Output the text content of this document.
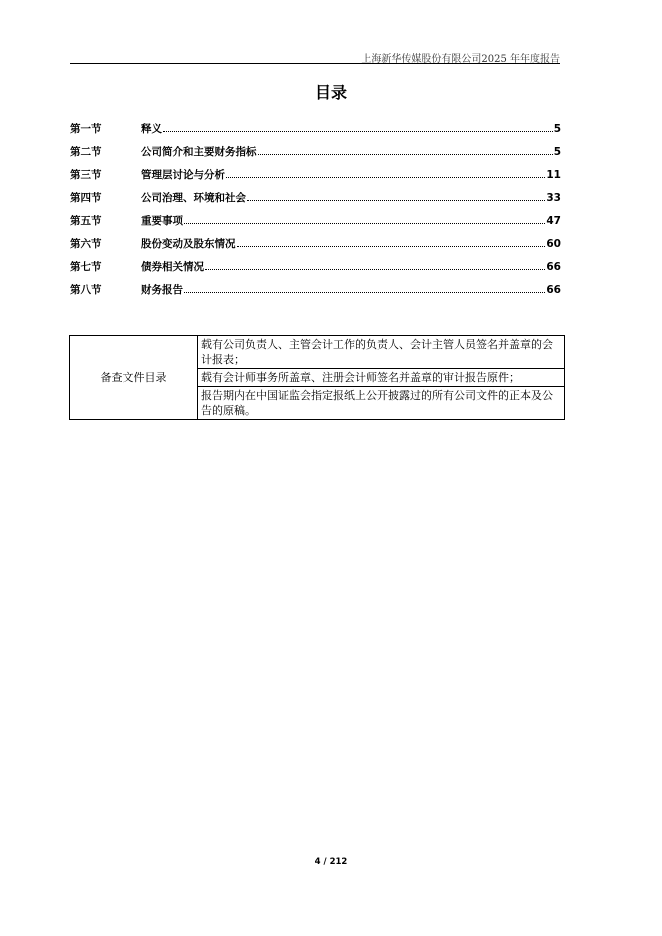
上海新华传媒股份有限公司2025 年年度报告
目录
第一节	释义	5
第二节	公司简介和主要财务指标	5
第三节	管理层讨论与分析	11
第四节	公司治理、环境和社会	33
第五节	重要事项	47
第六节	股份变动及股东情况	60
第七节	债券相关情况	66
第八节	财务报告	66
备查文件目录	载有公司负责人、主管会计工作的负责人、会计主管人员签名并盖章的会计报表；
载有会计师事务所盖章、注册会计师签名并盖章的审计报告原件；
报告期内在中国证监会指定报纸上公开披露过的所有公司文件的正本及公告的原稿。
4 / 212
